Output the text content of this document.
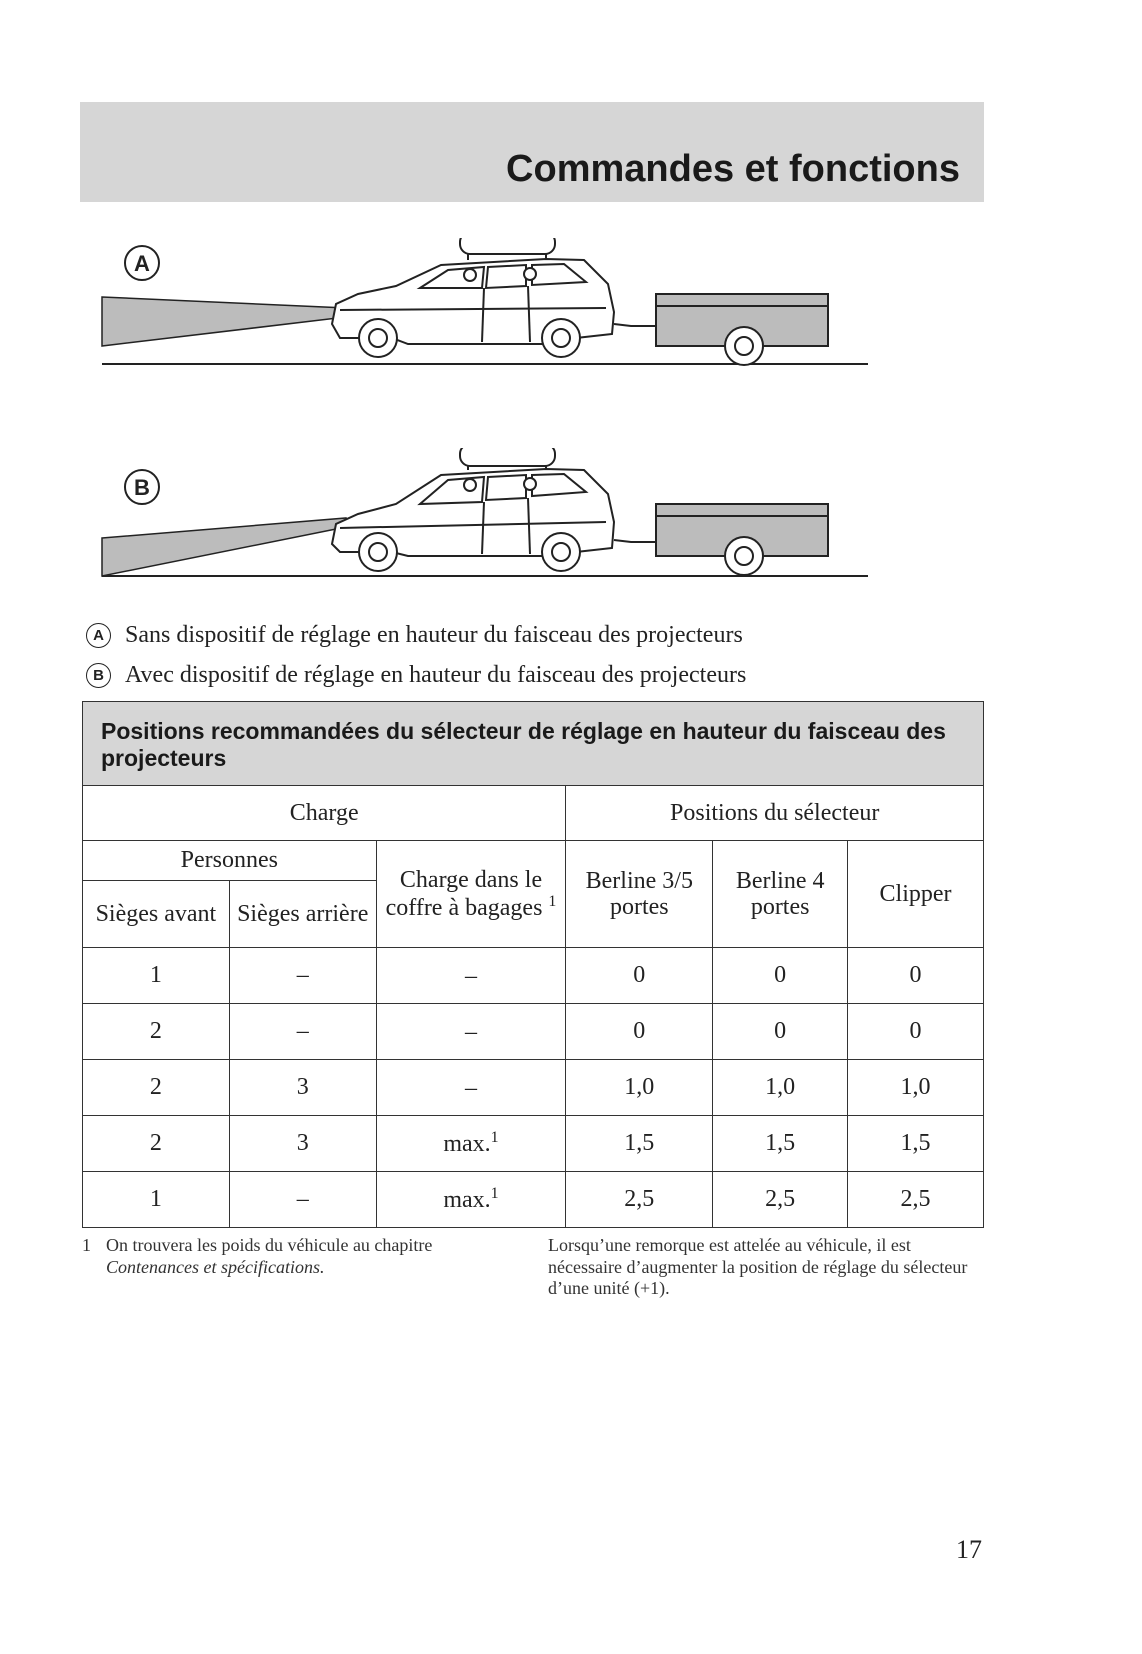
Commandes et fonctions
A
B
A Sans dispositif de réglage en hauteur du faisceau des projecteurs
B Avec dispositif de réglage en hauteur du faisceau des projecteurs
Positions recommandées du sélecteur de réglage en hauteur du faisceau des projecteurs					
Charge			Positions du sélecteur		
Personnes		Charge dans le coffre à bagages $^1$	Berline 3/5 portes	Berline 4 portes	Clipper
Sièges avant	Sièges arrière				
1	–	–	0	0	0
2	–	–	0	0	0
2	3	–	1,0	1,0	1,0
2	3	max.$^1$	1,5	1,5	1,5
1	–	max.$^1$	2,5	2,5	2,5
1 On trouvera les poids du véhicule au chapitre
Contenances et spécifications.
Lorsqu’une remorque est attelée au véhicule, il est nécessaire d’augmenter la position de réglage du sélecteur d’une unité (+1).
17
